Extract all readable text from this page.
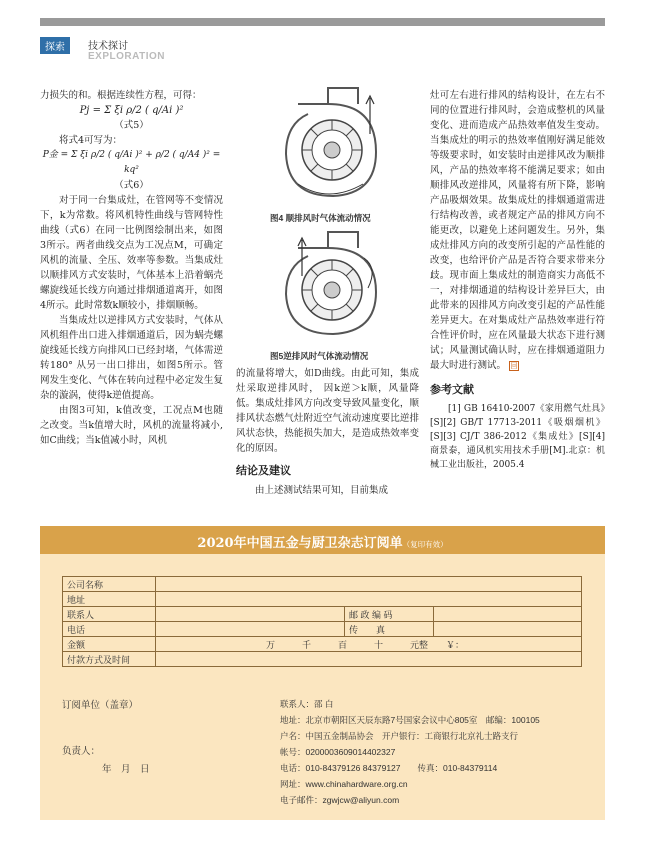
探索	技术探讨
EXPLORATION

力损失的和。根据连续性方程，可得：

Pj = Σ ξi ρ/2 ( q/Ai )²

（式5）

将式4可写为：

P金 = Σ ξi ρ/2 ( q/Ai )² + ρ/2 ( q/A4 )² = kq²

（式6）

对于同一台集成灶，在管网等不变情况下，k为常数。将风机特性曲线与管网特性曲线（式6）在同一比例图绘制出来，如图3所示。两者曲线交点为工况点M，可确定风机的流量、全压、效率等参数。当集成灶以顺排风方式安装时，气体基本上沿着蜗壳螺旋线延长线方向通过排烟通道离开，如图4所示。此时常数k顺较小，排烟顺畅。

当集成灶以逆排风方式安装时，气体从风机组件出口进入排烟通道后，因为蜗壳螺旋线延长线方向排风口已经封堵，气体需逆转180° 从另一出口排出，如图5所示。管网发生变化、气体在转向过程中必定发生复杂的漩涡，使得k逆值提高。

由图3可知，k值改变，工况点M也随之改变。当k值增大时，风机的流量将减小,如C曲线；当k值减小时，风机

图4 顺排风时气体流动情况
图5逆排风时气体流动情况

的流量将增大，如D曲线。由此可知，集成灶采取逆排风时， 因k逆＞k顺，风量降低。集成灶排风方向改变导致风量变化，顺排风状态燃气灶附近空气流动速度要比逆排风状态快，热能损失加大，是造成热效率变化的原因。

结论及建议

由上述测试结果可知，目前集成

灶可左右进行排风的结构设计，在左右不同的位置进行排风时，会造成整机的风量变化、进而造成产品热效率值发生变动。当集成灶的明示的热效率值刚好满足能效等级要求时，如安装时由逆排风改为顺排风，产品的热效率将不能满足要求；如由顺排风改逆排风，风量将有所下降，影响产品吸烟效果。故集成灶的排烟通道需进行结构改善，或者规定产品的排风方向不能更改，以避免上述问题发生。另外，集成灶排风方向的改变所引起的产品性能的改变，也给评价产品是否符合要求带来分歧。现市面上集成灶的制造商实力高低不一，对排烟通道的结构设计差异巨大，由此带来的因排风方向改变引起的产品性能差异更大。在对集成灶产品热效率进行符合性评价时，应在风量最大状态下进行测试；风量测试确认时，应在排烟通道阻力最大时进行测试。 回

参考文献

[1] GB 16410-2007《家用燃气灶具》[S][2] GB/T 17713-2011《吸烟烟机》[S][3] CJ/T 386-2012《集成灶》[S][4] 商景泰，通风机实用技术手册[M].北京：机械工业出版社，2005.4

2020年中国五金与厨卫杂志订阅单（复印有效）
公司名称			
地址			
联系人		邮 政 编 码	
电话		传　　真	
金额	万　　　千　　　百　　　十　　　元整　　￥：		
付款方式及时间			
订阅单位（盖章）
负责人：
年　月　日

联系人：邵 白

地址：北京市朝阳区天辰东路7号国家会议中心805室　邮编：100105

户名：中国五金制品协会　开户银行：工商银行北京礼士路支行

帐号：0200003609014402327

电话：010-84379126 84379127　　传真：010-84379114

网址：www.chinahardware.org.cn

电子邮件：zgwjcw@aliyun.com
